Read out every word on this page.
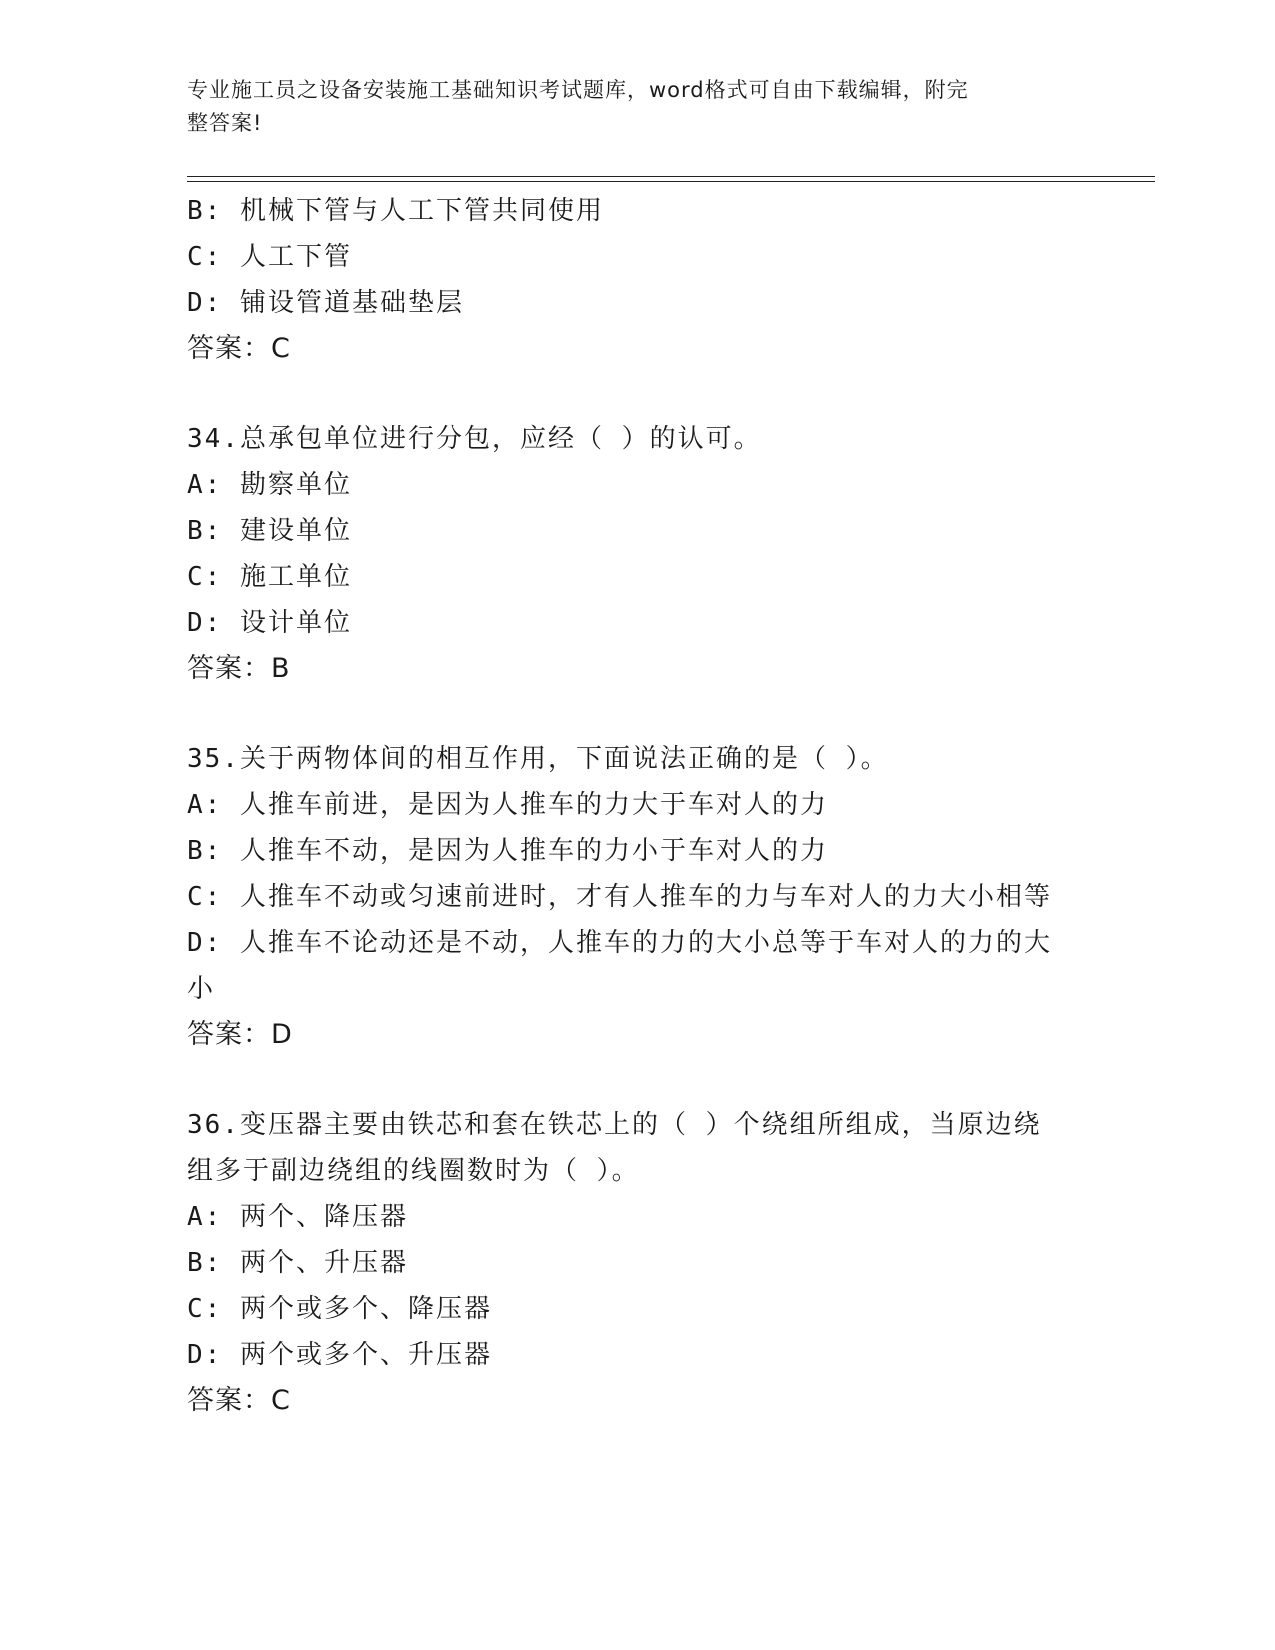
专业施工员之设备安装施工基础知识考试题库，word格式可自由下载编辑，附完
整答案!
B: 机械下管与人工下管共同使用
C: 人工下管
D: 铺设管道基础垫层
答案：C
34.总承包单位进行分包，应经（ ）的认可。
A: 勘察单位
B: 建设单位
C: 施工单位
D: 设计单位
答案：B
35.关于两物体间的相互作用，下面说法正确的是（ ）。
A: 人推车前进，是因为人推车的力大于车对人的力
B: 人推车不动，是因为人推车的力小于车对人的力
C: 人推车不动或匀速前进时，才有人推车的力与车对人的力大小相等
D: 人推车不论动还是不动，人推车的力的大小总等于车对人的力的大
小
答案：D
36.变压器主要由铁芯和套在铁芯上的（ ）个绕组所组成，当原边绕
组多于副边绕组的线圈数时为（ ）。
A: 两个、降压器
B: 两个、升压器
C: 两个或多个、降压器
D: 两个或多个、升压器
答案：C
